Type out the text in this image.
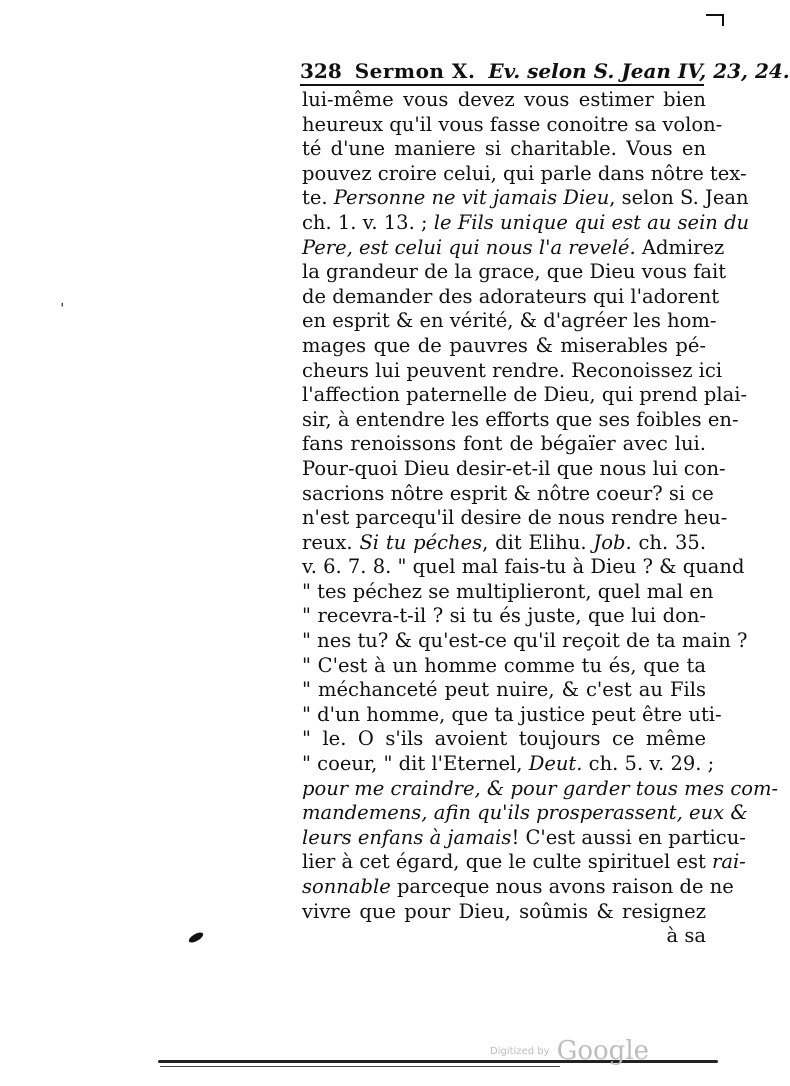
328 Sermon X. Ev. selon S. Jean IV, 23, 24.
lui-même vous devez vous estimer bien
heureux qu'il vous fasse conoitre sa volon-
té d'une maniere si charitable. Vous en
pouvez croire celui, qui parle dans nôtre tex-
te. Personne ne vit jamais Dieu, selon S. Jean
ch. 1. v. 13. ; le Fils unique qui est au sein du
Pere, est celui qui nous l'a revelé. Admirez
la grandeur de la grace, que Dieu vous fait
de demander des adorateurs qui l'adorent
en esprit & en vérité, & d'agréer les hom-
mages que de pauvres & miserables pé-
cheurs lui peuvent rendre. Reconoissez ici
l'affection paternelle de Dieu, qui prend plai-
sir, à entendre les efforts que ses foibles en-
fans renoissons font de bégaïer avec lui.
Pour-quoi Dieu desir-et-il que nous lui con-
sacrions nôtre esprit & nôtre coeur? si ce
n'est parcequ'il desire de nous rendre heu-
reux. Si tu péches, dit Elihu. Job. ch. 35.
v. 6. 7. 8. " quel mal fais-tu à Dieu ? & quand
" tes péchez se multiplieront, quel mal en
" recevra-t-il ? si tu és juste, que lui don-
" nes tu? & qu'est-ce qu'il reçoit de ta main ?
" C'est à un homme comme tu és, que ta
" méchanceté peut nuire, & c'est au Fils
" d'un homme, que ta justice peut être uti-
" le. O s'ils avoient toujours ce même
" coeur, " dit l'Eternel, Deut. ch. 5. v. 29. ;
pour me craindre, & pour garder tous mes com-
mandemens, afin qu'ils prosperassent, eux &
leurs enfans à jamais! C'est aussi en particu-
lier à cet égard, que le culte spirituel est rai-
sonnable parceque nous avons raison de ne
vivre que pour Dieu, soûmis & resignez
à sa
ˈ
Digitized by Google
